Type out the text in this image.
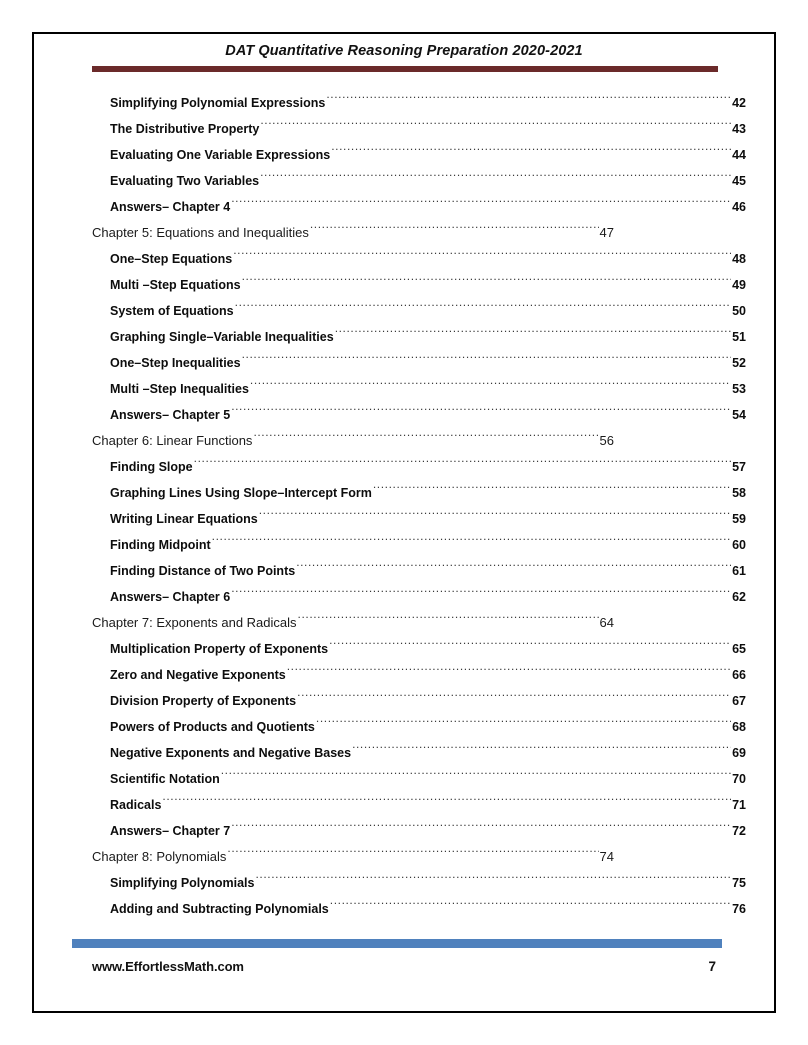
DAT Quantitative Reasoning Preparation 2020-2021
Simplifying Polynomial Expressions .....	42
The Distributive Property .....	43
Evaluating One Variable Expressions .....	44
Evaluating Two Variables .....	45
Answers– Chapter 4 .....	46
Chapter 5: Equations and Inequalities .....	47
One–Step Equations .....	48
Multi –Step Equations .....	49
System of Equations .....	50
Graphing Single–Variable Inequalities .....	51
One–Step Inequalities .....	52
Multi –Step Inequalities .....	53
Answers– Chapter 5 .....	54
Chapter 6: Linear Functions .....	56
Finding Slope .....	57
Graphing Lines Using Slope–Intercept Form .....	58
Writing Linear Equations .....	59
Finding Midpoint .....	60
Finding Distance of Two Points .....	61
Answers– Chapter 6 .....	62
Chapter 7: Exponents and Radicals .....	64
Multiplication Property of Exponents .....	65
Zero and Negative Exponents .....	66
Division Property of Exponents .....	67
Powers of Products and Quotients .....	68
Negative Exponents and Negative Bases .....	69
Scientific Notation .....	70
Radicals .....	71
Answers– Chapter 7 .....	72
Chapter 8: Polynomials .....	74
Simplifying Polynomials .....	75
Adding and Subtracting Polynomials .....	76
www.EffortlessMath.com	7
